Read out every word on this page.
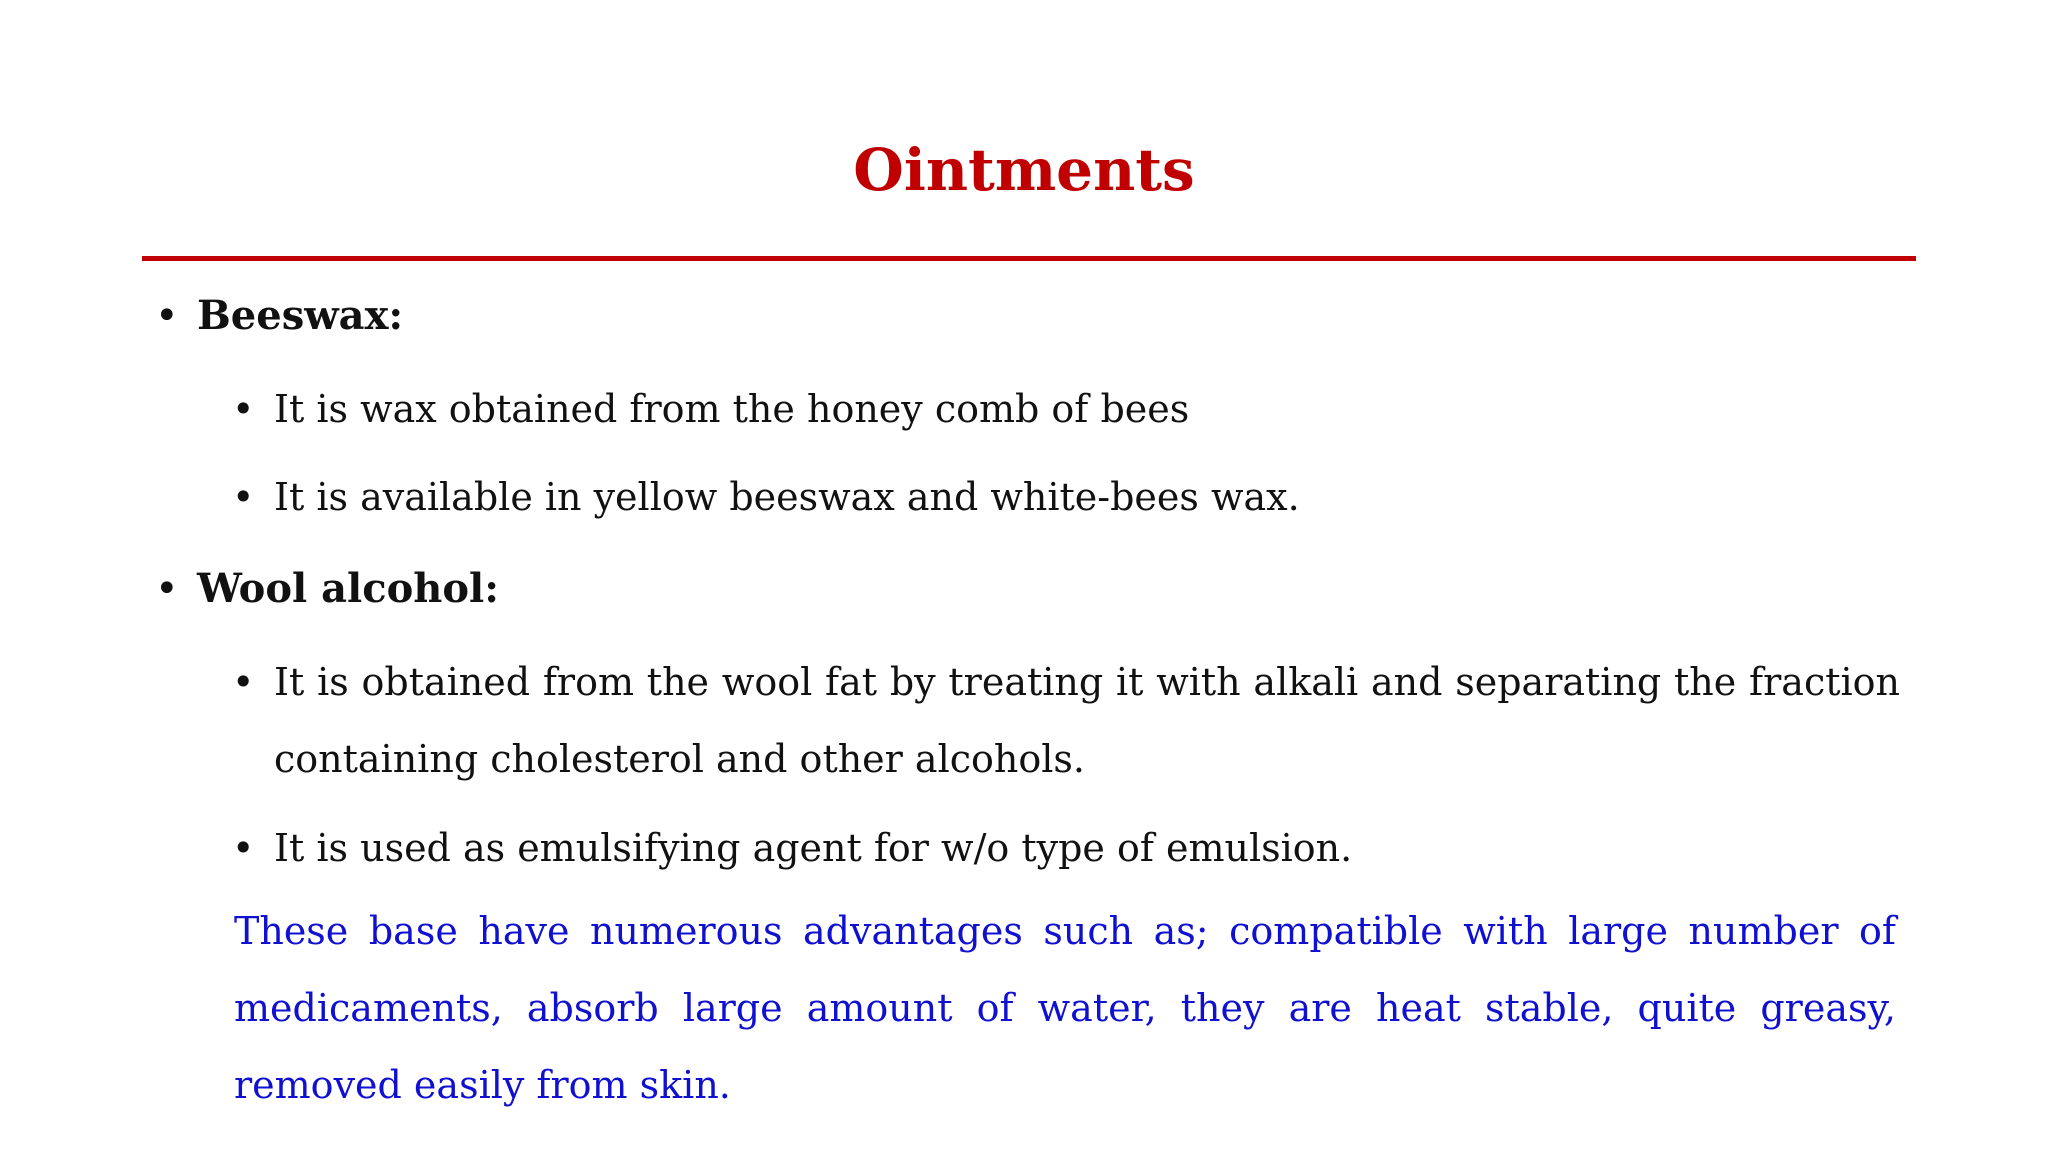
Ointments
• Beeswax:
• It is wax obtained from the honey comb of bees
• It is available in yellow beeswax and white-bees wax.
• Wool alcohol:
• It is obtained from the wool fat by treating it with alkali and separating the fraction containing cholesterol and other alcohols.
• It is used as emulsifying agent for w/o type of emulsion.

These base have numerous advantages such as; compatible with large number of medicaments, absorb large amount of water, they are heat stable, quite greasy, removed easily from skin.
